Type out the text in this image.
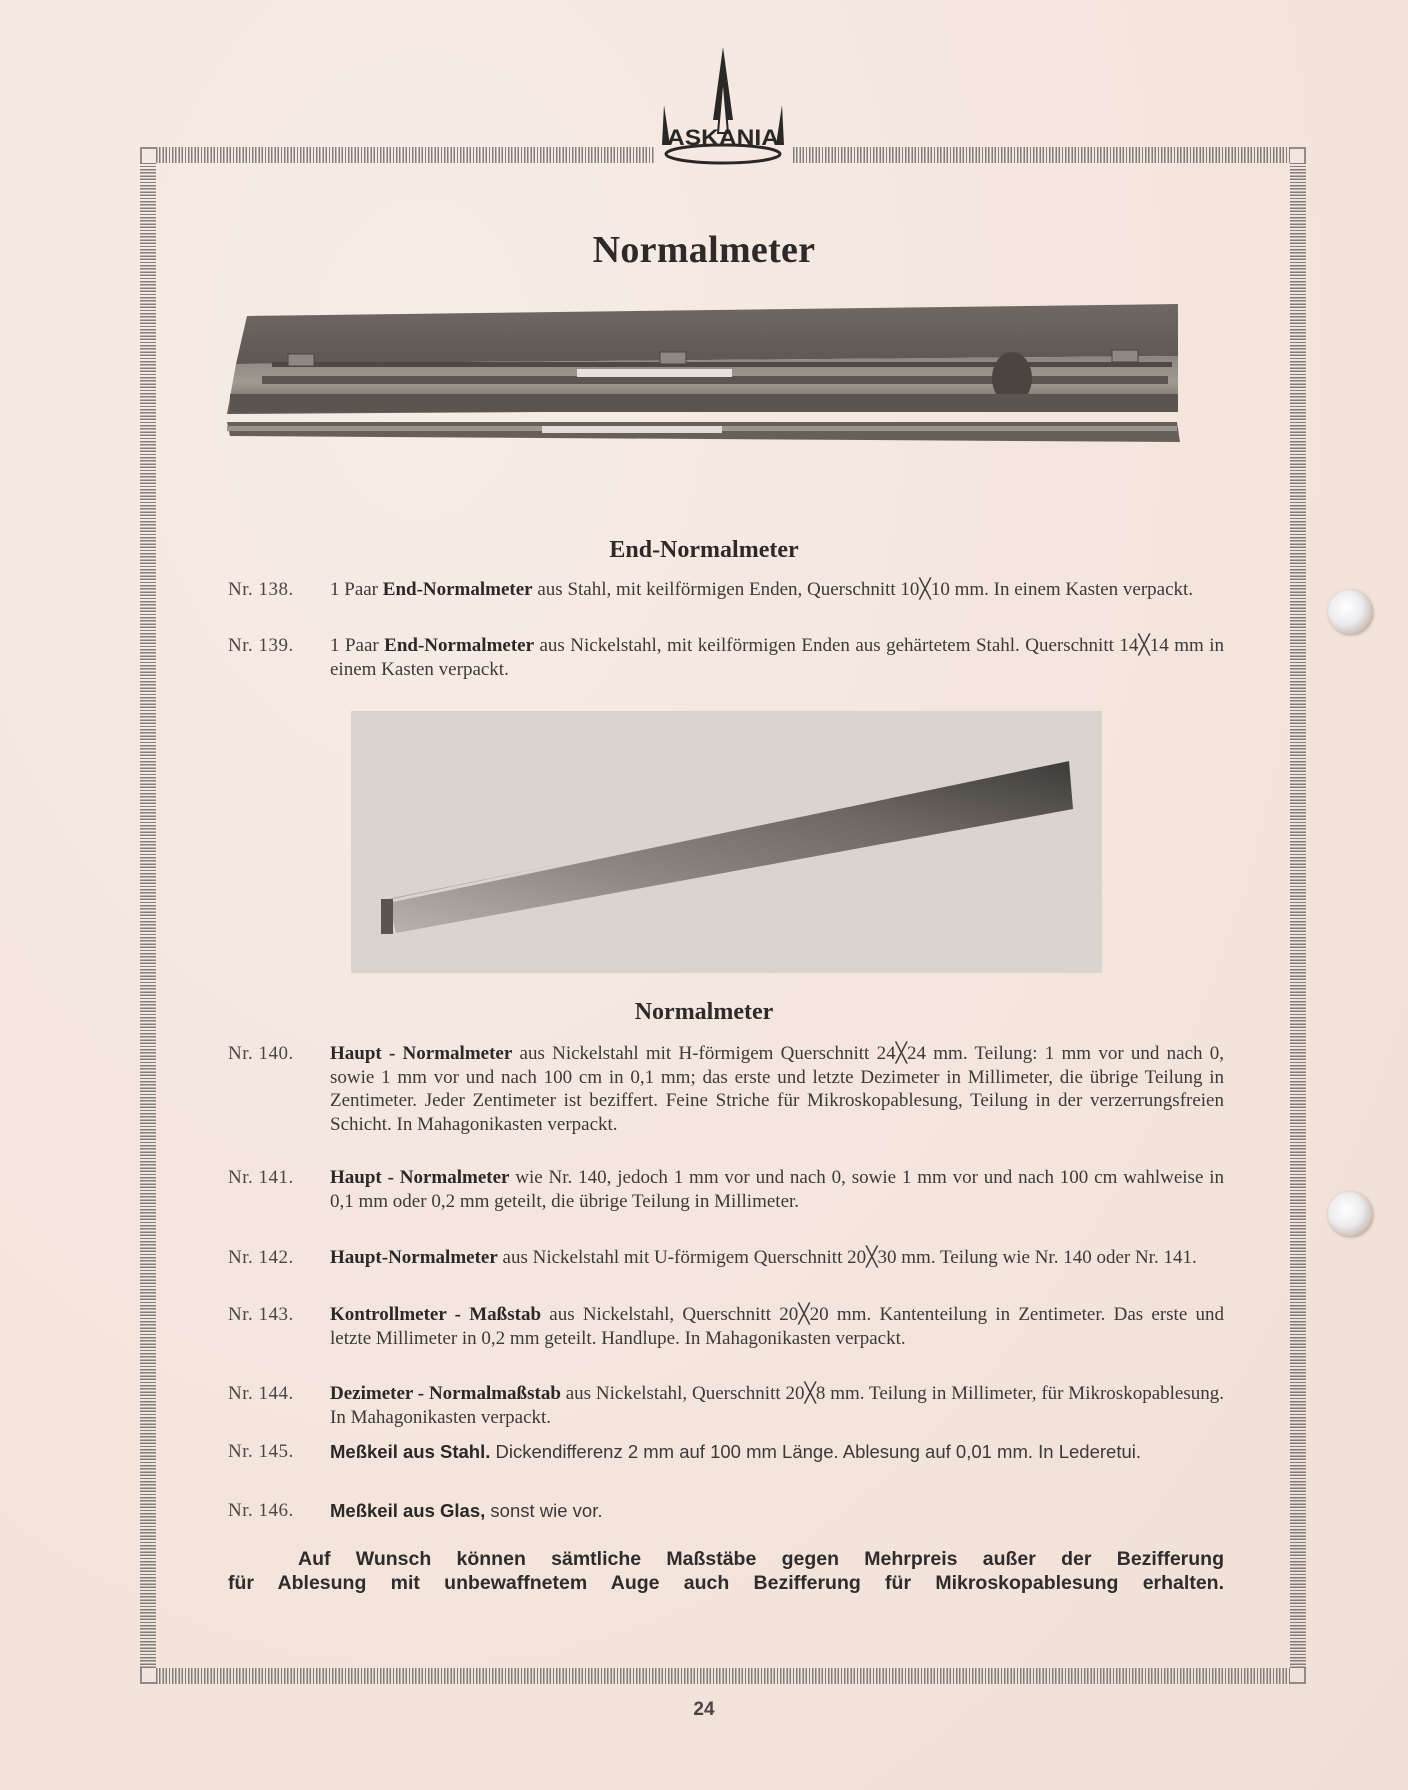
ASKANIA
Normalmeter
End-Normalmeter
Nr. 138.	1 Paar End-Normalmeter aus Stahl, mit keilförmigen Enden, Querschnitt 10╳10 mm. In einem Kasten verpackt.
Nr. 139.	1 Paar End-Normalmeter aus Nickelstahl, mit keilförmigen Enden aus gehärtetem Stahl. Querschnitt 14╳14 mm in einem Kasten verpackt.
Normalmeter
Nr. 140.	Haupt - Normalmeter aus Nickelstahl mit H-förmigem Querschnitt 24╳24 mm. Teilung: 1 mm vor und nach 0, sowie 1 mm vor und nach 100 cm in 0,1 mm; das erste und letzte Dezimeter in Millimeter, die übrige Teilung in Zentimeter. Jeder Zentimeter ist beziffert. Feine Striche für Mikroskopablesung, Teilung in der verzerrungsfreien Schicht. In Mahagonikasten verpackt.
Nr. 141.	Haupt - Normalmeter wie Nr. 140, jedoch 1 mm vor und nach 0, sowie 1 mm vor und nach 100 cm wahlweise in 0,1 mm oder 0,2 mm geteilt, die übrige Teilung in Millimeter.
Nr. 142.	Haupt-Normalmeter aus Nickelstahl mit U-förmigem Querschnitt 20╳30 mm. Teilung wie Nr. 140 oder Nr. 141.
Nr. 143.	Kontrollmeter - Maßstab aus Nickelstahl, Querschnitt 20╳20 mm. Kantenteilung in Zentimeter. Das erste und letzte Millimeter in 0,2 mm geteilt. Handlupe. In Mahagonikasten verpackt.
Nr. 144.	Dezimeter - Normalmaßstab aus Nickelstahl, Querschnitt 20╳8 mm. Teilung in Millimeter, für Mikroskopablesung. In Mahagonikasten verpackt.
Nr. 145.	Meßkeil aus Stahl. Dickendifferenz 2 mm auf 100 mm Länge. Ablesung auf 0,01 mm. In Lederetui.
Nr. 146.	Meßkeil aus Glas, sonst wie vor.
Auf Wunsch können sämtliche Maßstäbe gegen Mehrpreis außer der Bezifferung
für Ablesung mit unbewaffnetem Auge auch Bezifferung für Mikroskopablesung erhalten.
24
